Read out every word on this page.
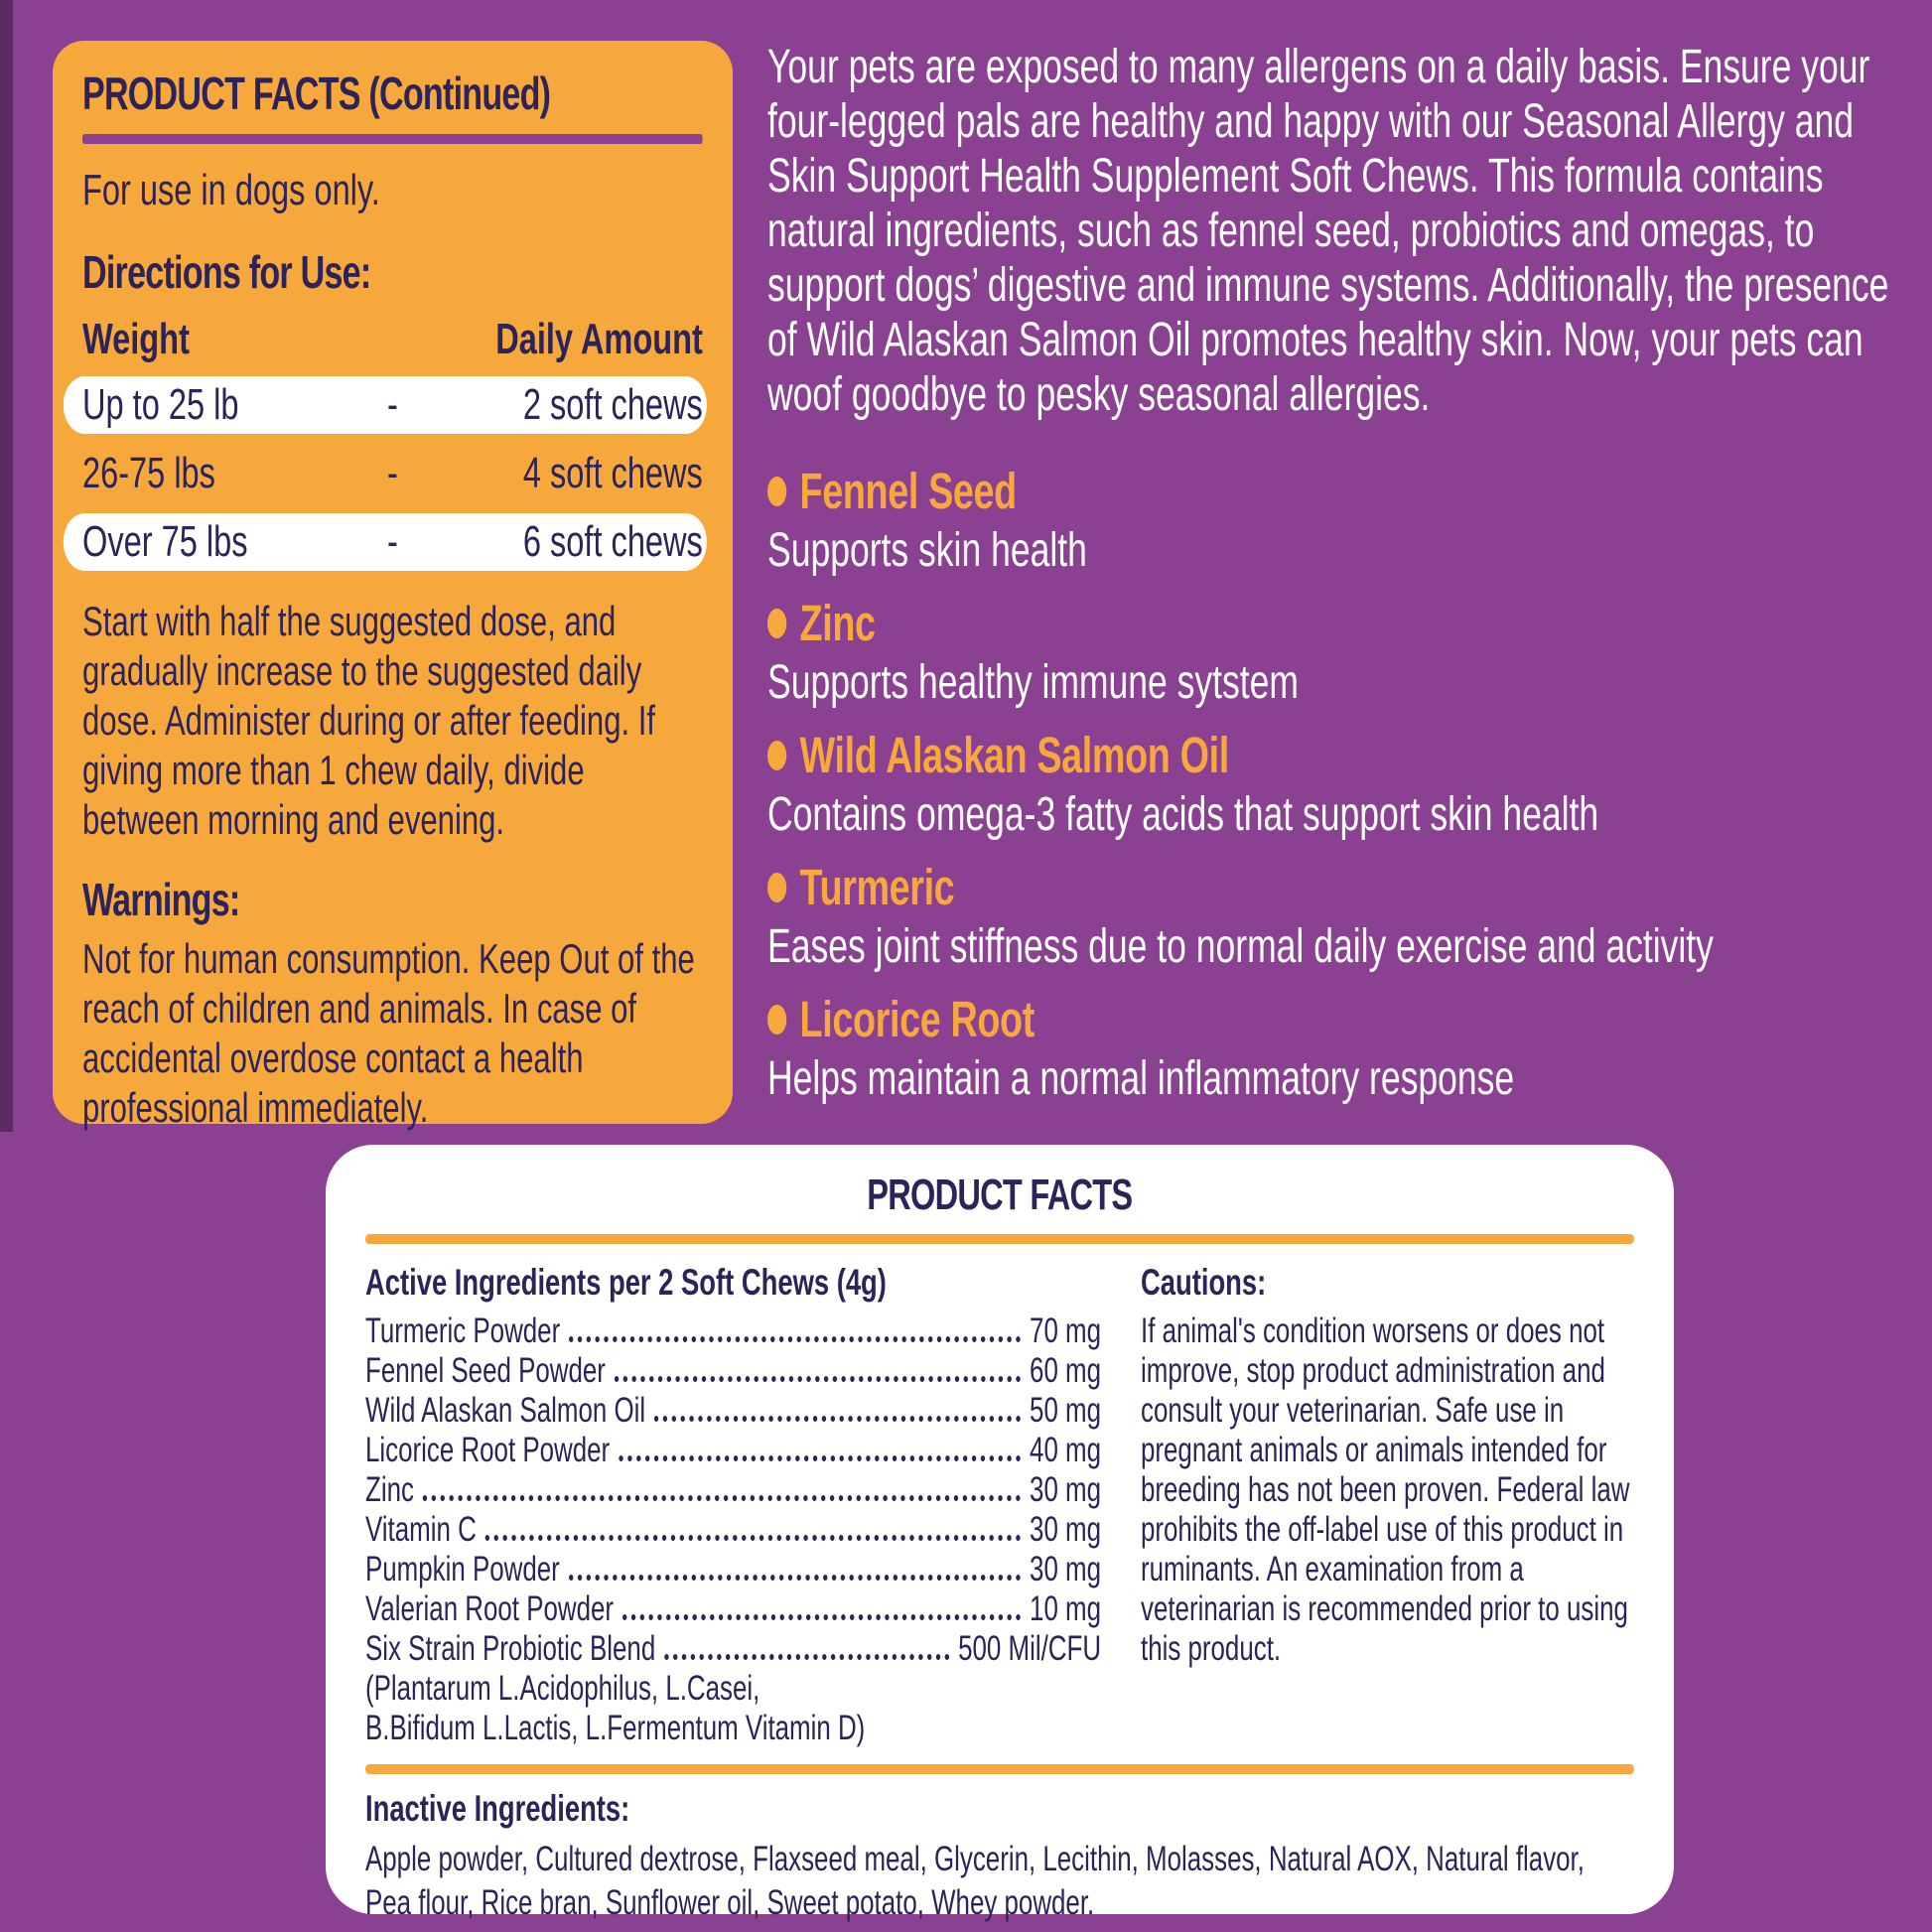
PRODUCT FACTS (Continued)
For use in dogs only.
Directions for Use:
Weight	Daily Amount
Up to 25 lb	-	2 soft chews
26-75 lbs	-	4 soft chews
Over 75 lbs	-	6 soft chews
Start with half the suggested dose, and gradually increase to the suggested daily dose. Administer during or after feeding. If giving more than 1 chew daily, divide between morning and evening.
Warnings:
Not for human consumption. Keep Out of the reach of children and animals. In case of accidental overdose contact a health professional immediately.
Your pets are exposed to many allergens on a daily basis. Ensure your four-legged pals are healthy and happy with our Seasonal Allergy and Skin Support Health Supplement Soft Chews. This formula contains natural ingredients, such as fennel seed, probiotics and omegas, to support dogs’ digestive and immune systems. Additionally, the presence of Wild Alaskan Salmon Oil promotes healthy skin. Now, your pets can woof goodbye to pesky seasonal allergies.
Fennel Seed
Supports skin health
Zinc
Supports healthy immune sytstem
Wild Alaskan Salmon Oil
Contains omega-3 fatty acids that support skin health
Turmeric
Eases joint stiffness due to normal daily exercise and activity
Licorice Root
Helps maintain a normal inflammatory response
PRODUCT FACTS
Active Ingredients per 2 Soft Chews (4g)
Turmeric Powder	70 mg
Fennel Seed Powder	60 mg
Wild Alaskan Salmon Oil	50 mg
Licorice Root Powder	40 mg
Zinc	30 mg
Vitamin C	30 mg
Pumpkin Powder	30 mg
Valerian Root Powder	10 mg
Six Strain Probiotic Blend	500 Mil/CFU
(Plantarum L.Acidophilus, L.Casei,
B.Bifidum L.Lactis, L.Fermentum Vitamin D)
Cautions:
If animal's condition worsens or does not improve, stop product administration and consult your veterinarian. Safe use in pregnant animals or animals intended for breeding has not been proven. Federal law prohibits the off-label use of this product in ruminants. An examination from a veterinarian is recommended prior to using this product.
Inactive Ingredients:
Apple powder, Cultured dextrose, Flaxseed meal, Glycerin, Lecithin, Molasses, Natural AOX, Natural flavor, Pea flour, Rice bran, Sunflower oil, Sweet potato, Whey powder.
